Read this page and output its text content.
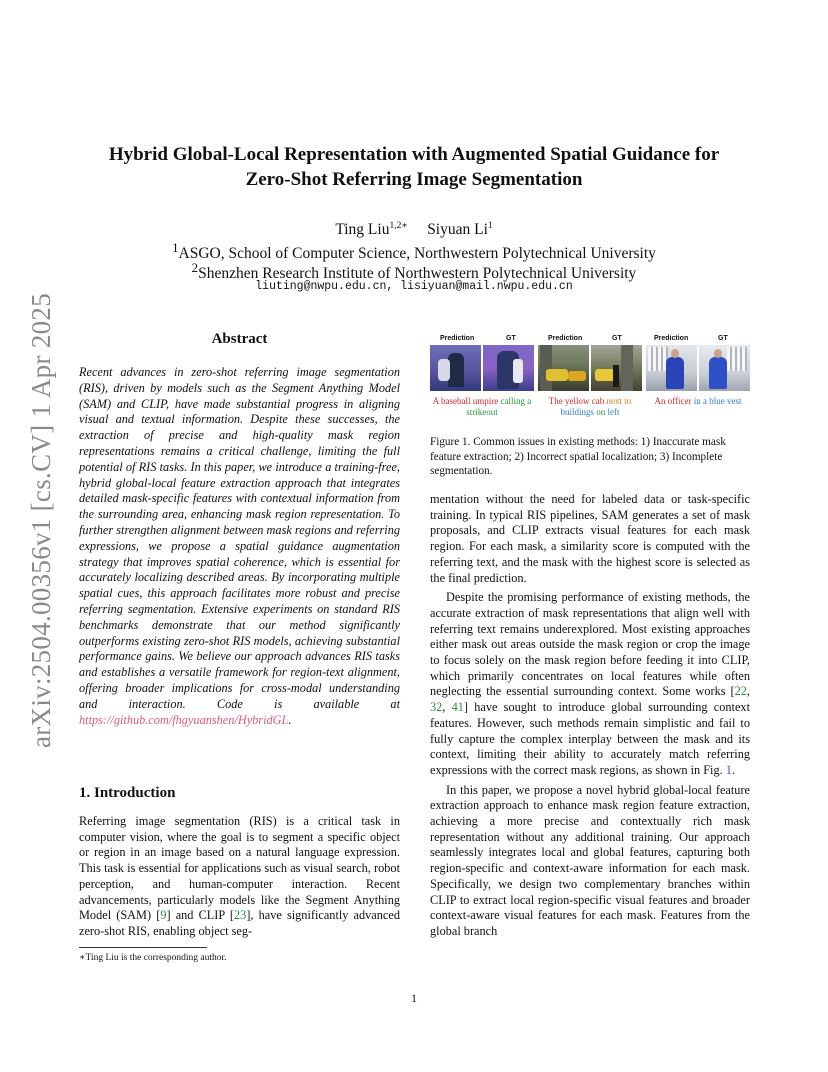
arXiv:2504.00356v1 [cs.CV] 1 Apr 2025
Hybrid Global-Local Representation with Augmented Spatial Guidance for
Zero-Shot Referring Image Segmentation
Ting Liu$^{1,2∗}$ Siyuan Li$^1$
$^1$ASGO, School of Computer Science, Northwestern Polytechnical University
$^2$Shenzhen Research Institute of Northwestern Polytechnical University
liuting@nwpu.edu.cn, lisiyuan@mail.nwpu.edu.cn
Abstract
Recent advances in zero-shot referring image segmentation (RIS), driven by models such as the Segment Anything Model (SAM) and CLIP, have made substantial progress in aligning visual and textual information. Despite these successes, the extraction of precise and high-quality mask region representations remains a critical challenge, limiting the full potential of RIS tasks. In this paper, we introduce a training-free, hybrid global-local feature extraction approach that integrates detailed mask-specific features with contextual information from the surrounding area, enhancing mask region representation. To further strengthen alignment between mask regions and referring expressions, we propose a spatial guidance augmentation strategy that improves spatial coherence, which is essential for accurately localizing described areas. By incorporating multiple spatial cues, this approach facilitates more robust and precise referring segmentation. Extensive experiments on standard RIS benchmarks demonstrate that our method significantly outperforms existing zero-shot RIS models, achieving substantial performance gains. We believe our approach advances RIS tasks and establishes a versatile framework for region-text alignment, offering broader implications for cross-modal understanding and interaction. Code is available at https://github.com/fhgyuanshen/HybridGL.
1. Introduction
Referring image segmentation (RIS) is a critical task in computer vision, where the goal is to segment a specific object or region in an image based on a natural language expression. This task is essential for applications such as visual search, robot perception, and human-computer interaction. Recent advancements, particularly models like the Segment Anything Model (SAM) [9] and CLIP [23], have significantly advanced zero-shot RIS, enabling object seg-
∗Ting Liu is the corresponding author.
Prediction	GT
A baseball umpire calling a
strikeout
Prediction	GT
The yellow cab next to
buildings on left
Prediction	GT
An officer in a blue vest
Figure 1. Common issues in existing methods: 1) Inaccurate mask feature extraction; 2) Incorrect spatial localization; 3) Incomplete segmentation.

mentation without the need for labeled data or task-specific training. In typical RIS pipelines, SAM generates a set of mask proposals, and CLIP extracts visual features for each mask region. For each mask, a similarity score is computed with the referring text, and the mask with the highest score is selected as the final prediction.

Despite the promising performance of existing methods, the accurate extraction of mask representations that align well with referring text remains underexplored. Most existing approaches either mask out areas outside the mask region or crop the image to focus solely on the mask region before feeding it into CLIP, which primarily concentrates on local features while often neglecting the essential surrounding context. Some works [22, 32, 41] have sought to introduce global surrounding context features. However, such methods remain simplistic and fail to fully capture the complex interplay between the mask and its context, limiting their ability to accurately match referring expressions with the correct mask regions, as shown in Fig. 1.

In this paper, we propose a novel hybrid global-local feature extraction approach to enhance mask region feature extraction, achieving a more precise and contextually rich mask representation without any additional training. Our approach seamlessly integrates local and global features, capturing both region-specific and context-aware information for each mask. Specifically, we design two complementary branches within CLIP to extract local region-specific visual features and broader context-aware visual features for each mask. Features from the global branch

1
